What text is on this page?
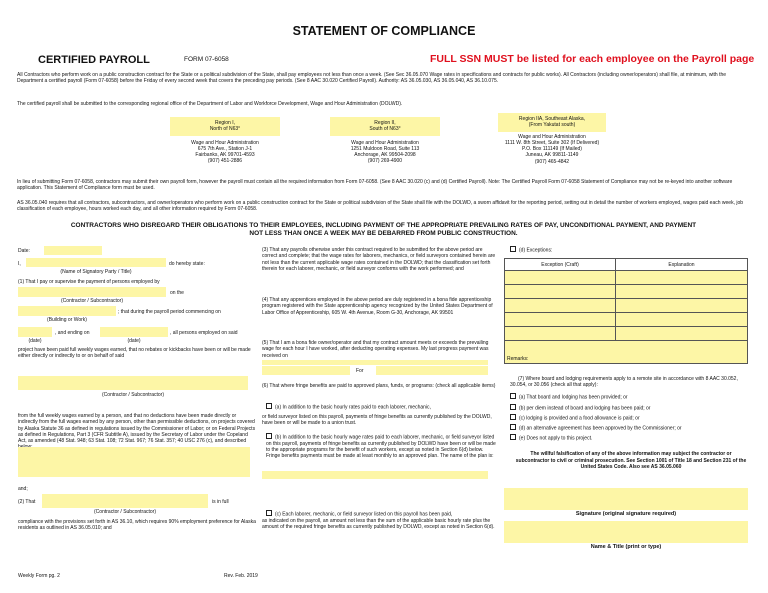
STATEMENT OF COMPLIANCE
CERTIFIED PAYROLL	FORM 07-6058	FULL SSN MUST be listed for each employee on the Payroll page
All Contractors who perform work on a public construction contract for the State or a political subdivision of the State, shall pay employees not less than once a week. (See Sec 36.05.070 Wage rates in specifications and contracts for public works). All Contractors (including owner/operators) shall file, at minimum, with the Department a certified payroll (Form 07-6058) before the Friday of every second week that covers the preceding pay periods. (See 8 AAC 30.020 Certified Payroll). Authority: AS 36.05.030, AS 36.05.040, AS 36.10.075.
The certified payroll shall be submitted to the corresponding regional office of the Department of Labor and Workforce Development, Wage and Hour Administration (DOLWD).
Region I,
North of N63°
Wage and Hour Administration
675 7th Ave., Station J-1
Fairbanks, AK 99701-4593
(907) 451-2886
Region II,
South of N63°
Wage and Hour Administration
1251 Muldoon Road, Suite 113
Anchorage, AK 99504-2098
(907) 269-4900
Region IIA, Southeast Alaska,
(From Yakutat south)
Wage and Hour Administration
1111 W. 8th Street, Suite 302 (If Delivered)
P.O. Box 111149 (If Mailed)
Juneau, AK 99811-1149
(907) 465-4842
In lieu of submitting Form 07-6058, contractors may submit their own payroll form, however the payroll must contain all the required information from Form 07-6058. (See 8 AAC 30.020 (c) and (d) Certified Payroll). Note: The Certified Payroll Form 07-6058 Statement of Compliance may not be re-keyed into another software application. This Statement of Compliance form must be used.
AS 36.05.040 requires that all contractors, subcontractors, and owner/operators who perform work on a public construction contract for the State or political subdivision of the State shall file with the DOLWD, a sworn affidavit for the reporting period, setting out in detail the number of workers employed, wages paid each week, job classification of each employee, hours worked each day, and all other information required by Form 07-6058.
CONTRACTORS WHO DISREGARD THEIR OBLIGATIONS TO THEIR EMPLOYEES, INCLUDING PAYMENT OF THE APPROPRIATE PREVAILING RATES OF PAY, UNCONDITIONAL PAYMENT, AND PAYMENT
NOT LESS THAN ONCE A WEEK MAY BE DEBARRED FROM PUBLIC CONSTRUCTION.
Date:
I,	do hereby state:
(Name of Signatory Party / Title)
(1) That I pay or supervise the payment of persons employed by
on the
(Contractor / Subcontractor)
; that during the payroll period commencing on
(Building or Work)
, and ending on	, all persons employed on said
(date)	(date)
project have been paid full weekly wages earned, that no rebates or kickbacks have been or will be made either directly or indirectly to or on behalf of said
(Contractor / Subcontractor)
from the full weekly wages earned by a person, and that no deductions have been made directly or indirectly from the full wages earned by any person, other than permissible deductions, on projects covered by Alaska Statute 36 as defined in regulations issued by the Commissioner of Labor; or on Federal Projects as defined in Regulations, Part 3 (CFR Subtitle A), issued by the Secretary of Labor under the Copeland Act, as amended (48 Stat. 948; 63 Stat. 108; 72 Stat. 967; 76 Stat. 357; 40 USC 276 (c), and described
and;
(2) That	is in full
(Contractor / Subcontractor)
compliance with the provisions set forth in AS 36.10, which requires 90% employment preference for Alaska residents as outlined in AS 36.05.010; and
(3) That any payrolls otherwise under this contract required to be submitted for the above period are correct and complete; that the wage rates for laborers, mechanics, or field surveyors contained herein are not less than the current applicable wage rates contained in the DOLWD; that the classification set forth therein for each laborer, mechanic, or field surveyor conforms with the work performed; and
(4) That any apprentices employed in the above period are duly registered in a bona fide apprenticeship program registered with the State apprenticeship agency recognized by the United States Department of Labor Office of Apprenticeship, 605 W. 4th Avenue, Room G-30, Anchorage, AK 99501
(5) That I am a bona fide owner/operator and that my contract amount meets or exceeds the prevailing wage for each hour I have worked, after deducting operating expenses. My last progress payment was received on
For
(6) That where fringe benefits are paid to approved plans, funds, or programs: (check all applicable items)
(a) In addition to the basic hourly rates paid to each laborer, mechanic,
or field surveyor listed on this payroll, payments of fringe benefits as currently published by the DOLWD, have been or will be made to a union trust.
(b) In addition to the basic hourly wage rates paid to each laborer, mechanic, or field surveyor listed on this payroll, payments of fringe benefits as currently published by DOLWD have been or will be made to the appropriate programs for the benefit of such workers, except as noted in Section 6(d) below. Fringe benefits payments must be made at least monthly to an approved plan. The name of the plan is:
(c) Each laborer, mechanic, or field surveyor listed on this payroll has been paid,
as indicated on the payroll, an amount not less than the sum of the applicable basic hourly rate plus the amount of the required fringe benefits as currently published by DOLWD, except as noted in Section 6(d).
(d) Exceptions:
Exception (Craft)	Explanation

Remarks:
(7) Where board and lodging requirements apply to a remote site in accordance with 8 AAC 30.052, 30.054, or 30.056 (check all that apply):
(a) That board and lodging has been provided; or
(b) per diem instead of board and lodging has been paid; or
(c) lodging is provided and a food allowance is paid; or
(d) an alternative agreement has been approved by the Commissioner; or
(e) Does not apply to this project.
The willful falsification of any of the above information may subject the contractor or subcontractor to civil or criminal prosecution. See Section 1001 of Title 18 and Section 231 of the United States Code. Also see AS 36.05.060
Signature (original signature required)
Name & Title (print or type)
Weekly Form pg. 2	Rev. Feb. 2019
